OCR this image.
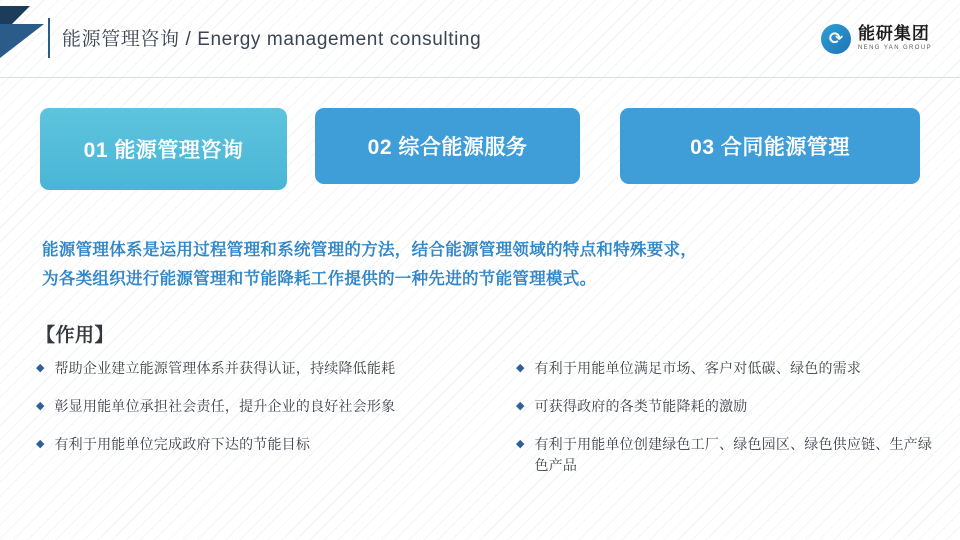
能源管理咨询 / Energy management consulting	⟳ 能研集团
NENG YAN GROUP
01 能源管理咨询	02 综合能源服务	03 合同能源管理
能源管理体系是运用过程管理和系统管理的方法，结合能源管理领域的特点和特殊要求，
为各类组织进行能源管理和节能降耗工作提供的一种先进的节能管理模式。
【作用】
◆ 帮助企业建立能源管理体系并获得认证，持续降低能耗
◆ 彰显用能单位承担社会责任，提升企业的良好社会形象
◆ 有利于用能单位完成政府下达的节能目标
◆ 有利于用能单位满足市场、客户对低碳、绿色的需求
◆ 可获得政府的各类节能降耗的激励
◆ 有利于用能单位创建绿色工厂、绿色园区、绿色供应链、生产绿色产品
